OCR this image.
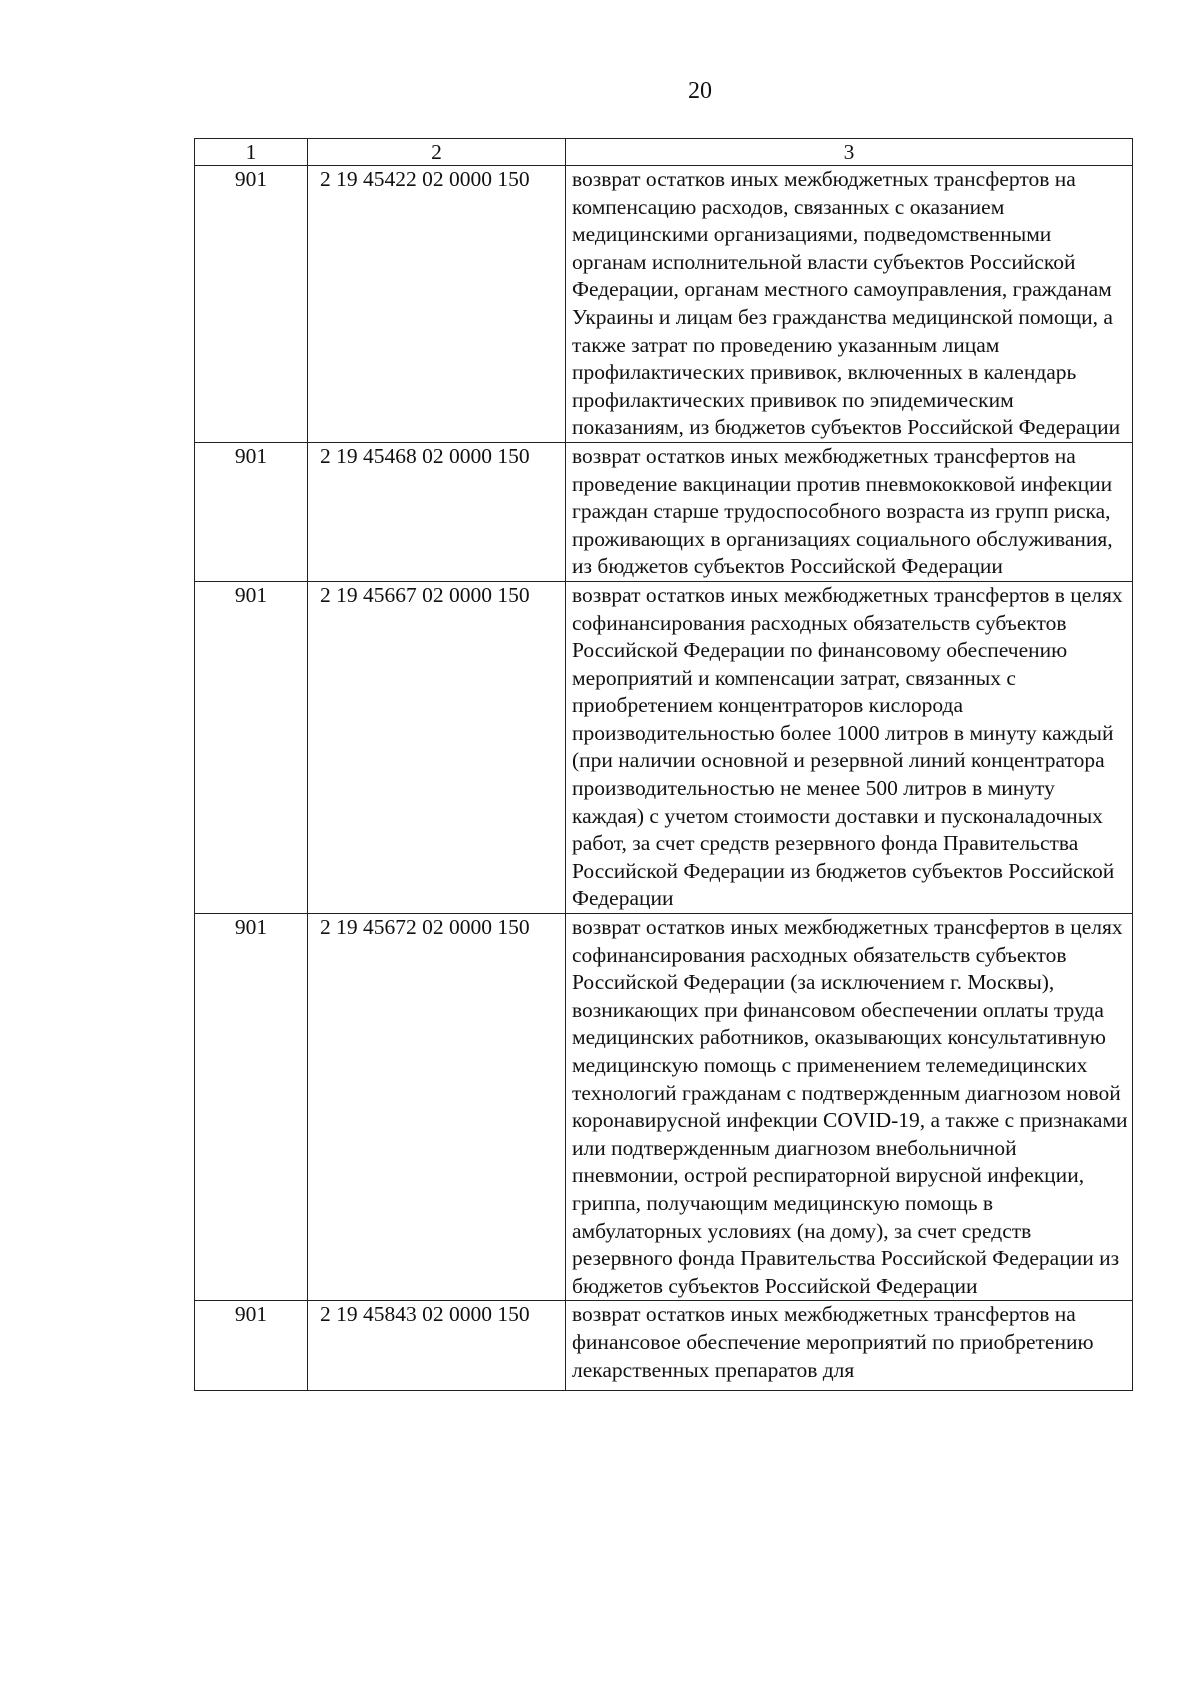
20
1	2	3
901	2 19 45422 02 0000 150	возврат остатков иных межбюджетных трансфертов на компенсацию расходов, связанных с оказанием медицинскими организациями, подведомственными органам исполнительной власти субъектов Российской Федерации, органам местного самоуправления, гражданам Украины и лицам без гражданства медицинской помощи, а также затрат по проведению указанным лицам профилактических прививок, включенных в календарь профилактических прививок по эпидемическим показаниям, из бюджетов субъектов Российской Федерации
901	2 19 45468 02 0000 150	возврат остатков иных межбюджетных трансфертов на проведение вакцинации против пневмококковой инфекции граждан старше трудоспособного возраста из групп риска, проживающих в организациях социального обслуживания, из бюджетов субъектов Российской Федерации
901	2 19 45667 02 0000 150	возврат остатков иных межбюджетных трансфертов в целях софинансирования расходных обязательств субъектов Российской Федерации по финансовому обеспечению мероприятий и компенсации затрат, связанных с приобретением концентраторов кислорода производительностью более 1000 литров в минуту каждый (при наличии основной и резервной линий концентратора производительностью не менее 500 литров в минуту каждая) с учетом стоимости доставки и пусконаладочных работ, за счет средств резервного фонда Правительства Российской Федерации из бюджетов субъектов Российской Федерации
901	2 19 45672 02 0000 150	возврат остатков иных межбюджетных трансфертов в целях софинансирования расходных обязательств субъектов Российской Федерации (за исключением г. Москвы), возникающих при финансовом обеспечении оплаты труда медицинских работников, оказывающих консультативную медицинскую помощь с применением телемедицинских технологий гражданам с подтвержденным диагнозом новой коронавирусной инфекции COVID-19, а также с признаками или подтвержденным диагнозом внебольничной пневмонии, острой респираторной вирусной инфекции, гриппа, получающим медицинскую помощь в амбулаторных условиях (на дому), за счет средств резервного фонда Правительства Российской Федерации из бюджетов субъектов Российской Федерации
901	2 19 45843 02 0000 150	возврат остатков иных межбюджетных трансфертов на финансовое обеспечение мероприятий по приобретению лекарственных препаратов для
